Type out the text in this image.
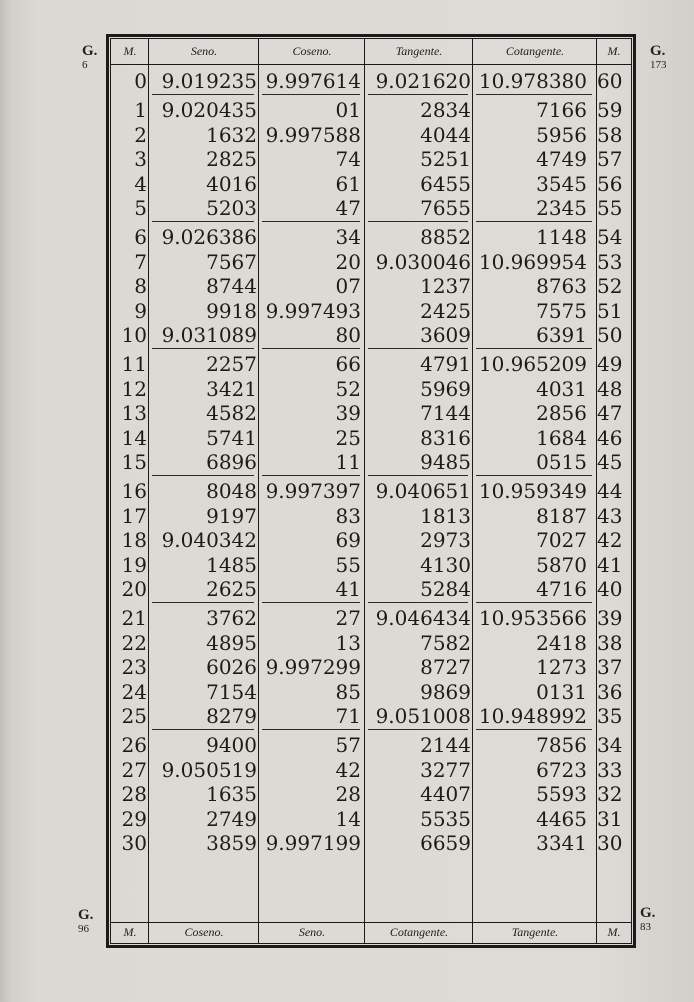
G.
6
G.
173
G.
96
G.
83
M.	Seno.	Coseno.	Tangente.	Cotangente.	M.
0 9.019235 9.997614 9.021620 10.978380 60
1 9.020435	01	2834	7166 59
2	1632 9.997588	4044	5956 58
3	2825	74	5251	4749 57
4	4016	61	6455	3545 56
5	5203	47	7655	2345 55
6 9.026386	34	8852	1148 54
7	7567	20 9.030046 10.969954 53
8	8744	07	1237	8763 52
9	9918 9.997493	2425	7575 51
10 9.031089	80	3609	6391 50
11	2257	66	4791 10.965209 49
12	3421	52	5969	4031 48
13	4582	39	7144	2856 47
14	5741	25	8316	1684 46
15	6896	11	9485	0515 45
16	8048 9.997397 9.040651 10.959349 44
17	9197	83	1813	8187 43
18 9.040342	69	2973	7027 42
19	1485	55	4130	5870 41
20	2625	41	5284	4716 40
21	3762	27 9.046434 10.953566 39
22	4895	13	7582	2418 38
23	6026 9.997299	8727	1273 37
24	7154	85	9869	0131 36
25	8279	71 9.051008 10.948992 35
26	9400	57	2144	7856 34
27 9.050519	42	3277	6723 33
28	1635	28	4407	5593 32
29	2749	14	5535	4465 31
30	3859 9.997199	6659	3341 30
M.	Coseno.	Seno.	Cotangente.	Tangente.	M.
